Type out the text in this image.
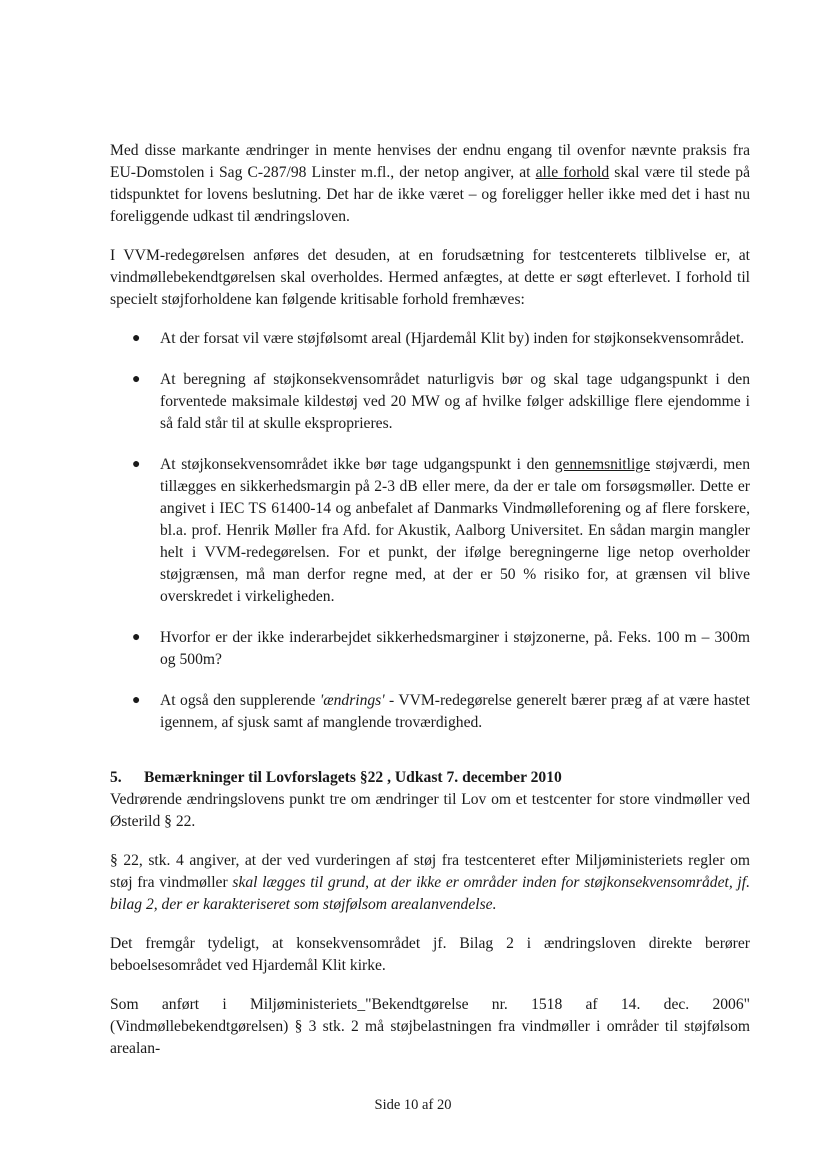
Med disse markante ændringer in mente henvises der endnu engang til ovenfor nævnte praksis fra EU-Domstolen i Sag C-287/98 Linster m.fl., der netop angiver, at alle forhold skal være til stede på tidspunktet for lovens beslutning. Det har de ikke været – og foreligger heller ikke med det i hast nu foreliggende udkast til ændringsloven.

I VVM-redegørelsen anføres det desuden, at en forudsætning for testcenterets tilblivelse er, at vindmøllebekendtgørelsen skal overholdes. Hermed anfægtes, at dette er søgt efterlevet. I forhold til specielt støjforholdene kan følgende kritisable forhold fremhæves:

● At der forsat vil være støjfølsomt areal (Hjardemål Klit by) inden for støjkonsekvensområdet.
● At beregning af støjkonsekvensområdet naturligvis bør og skal tage udgangspunkt i den forventede maksimale kildestøj ved 20 MW og af hvilke følger adskillige flere ejendomme i så fald står til at skulle eksproprieres.
● At støjkonsekvensområdet ikke bør tage udgangspunkt i den gennemsnitlige støjværdi, men tillægges en sikkerhedsmargin på 2-3 dB eller mere, da der er tale om forsøgsmøller. Dette er angivet i IEC TS 61400-14 og anbefalet af Danmarks Vindmølleforening og af flere forskere, bl.a. prof. Henrik Møller fra Afd. for Akustik, Aalborg Universitet. En sådan margin mangler helt i VVM-redegørelsen. For et punkt, der ifølge beregningerne lige netop overholder støjgrænsen, må man derfor regne med, at der er 50 % risiko for, at grænsen vil blive overskredet i virkeligheden.
● Hvorfor er der ikke inderarbejdet sikkerhedsmarginer i støjzonerne, på. Feks. 100 m – 300m og 500m?
● At også den supplerende 'ændrings' - VVM-redegørelse generelt bærer præg af at være hastet igennem, af sjusk samt af manglende troværdighed.
5.	Bemærkninger til Lovforslagets §22 , Udkast 7. december 2010

Vedrørende ændringslovens punkt tre om ændringer til Lov om et testcenter for store vindmøller ved Østerild § 22.

§ 22, stk. 4 angiver, at der ved vurderingen af støj fra testcenteret efter Miljøministeriets regler om støj fra vindmøller skal lægges til grund, at der ikke er områder inden for støjkonsekvensområdet, jf. bilag 2, der er karakteriseret som støjfølsom arealanvendelse.

Det fremgår tydeligt, at konsekvensområdet jf. Bilag 2 i ændringsloven direkte berører beboelsesområdet ved Hjardemål Klit kirke.

Som anført i Miljøministeriets_"Bekendtgørelse nr. 1518 af 14. dec. 2006" (Vindmøllebekendtgørelsen) § 3 stk. 2 må støjbelastningen fra vindmøller i områder til støjfølsom arealan-

Side 10 af 20
